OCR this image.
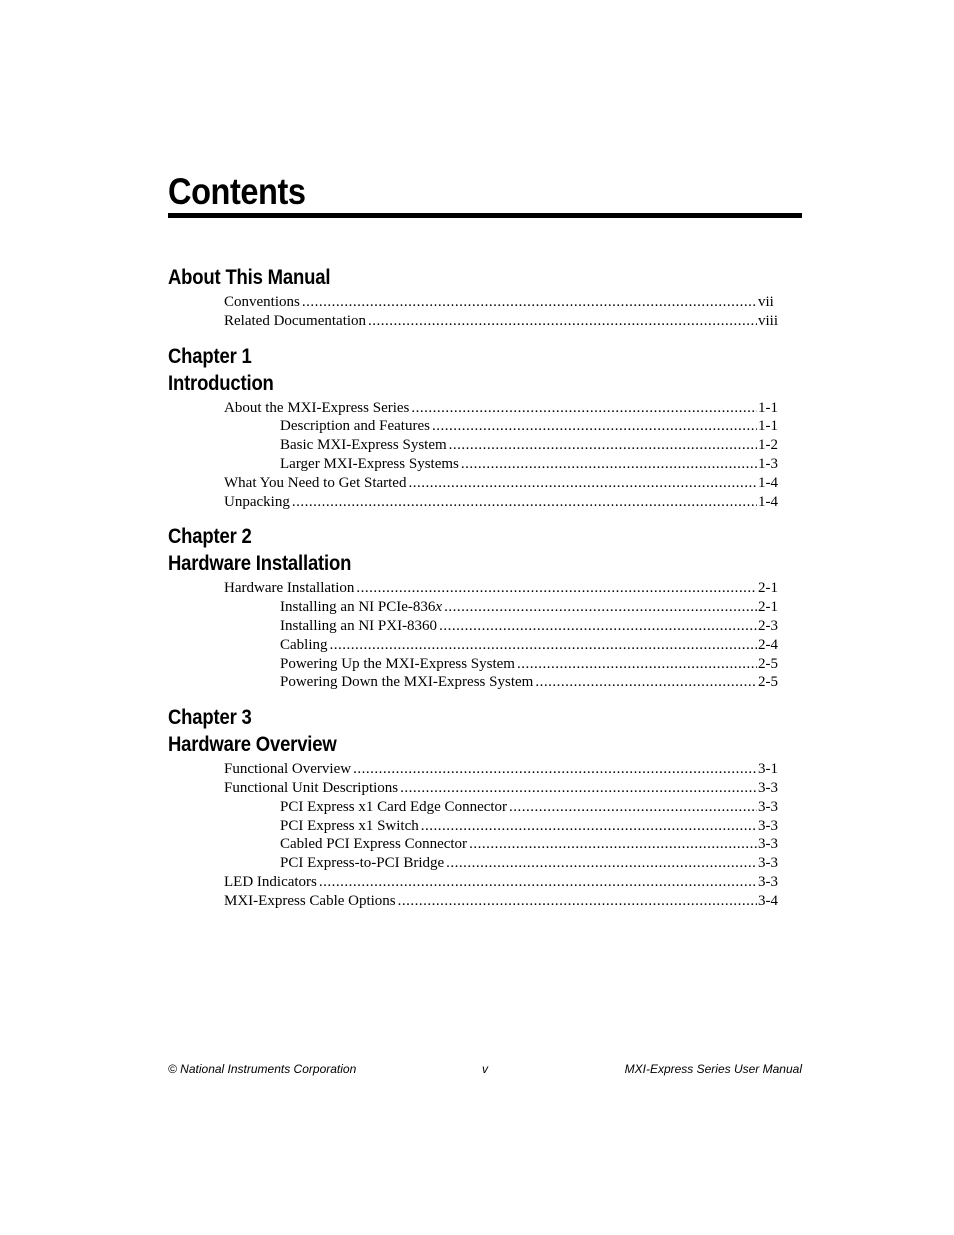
Contents
About This Manual
Conventions .....	vii
Related Documentation .....	viii
Chapter 1
Introduction
About the MXI-Express Series .....	1-1
Description and Features .....	1-1
Basic MXI-Express System .....	1-2
Larger MXI-Express Systems .....	1-3
What You Need to Get Started .....	1-4
Unpacking .....	1-4
Chapter 2
Hardware Installation
Hardware Installation .....	2-1
Installing an NI PCIe-836x .....	2-1
Installing an NI PXI-8360 .....	2-3
Cabling .....	2-4
Powering Up the MXI-Express System .....	2-5
Powering Down the MXI-Express System .....	2-5
Chapter 3
Hardware Overview
Functional Overview .....	3-1
Functional Unit Descriptions .....	3-3
PCI Express x1 Card Edge Connector .....	3-3
PCI Express x1 Switch .....	3-3
Cabled PCI Express Connector .....	3-3
PCI Express-to-PCI Bridge .....	3-3
LED Indicators .....	3-3
MXI-Express Cable Options .....	3-4
© National Instruments Corporation	v	MXI-Express Series User Manual
